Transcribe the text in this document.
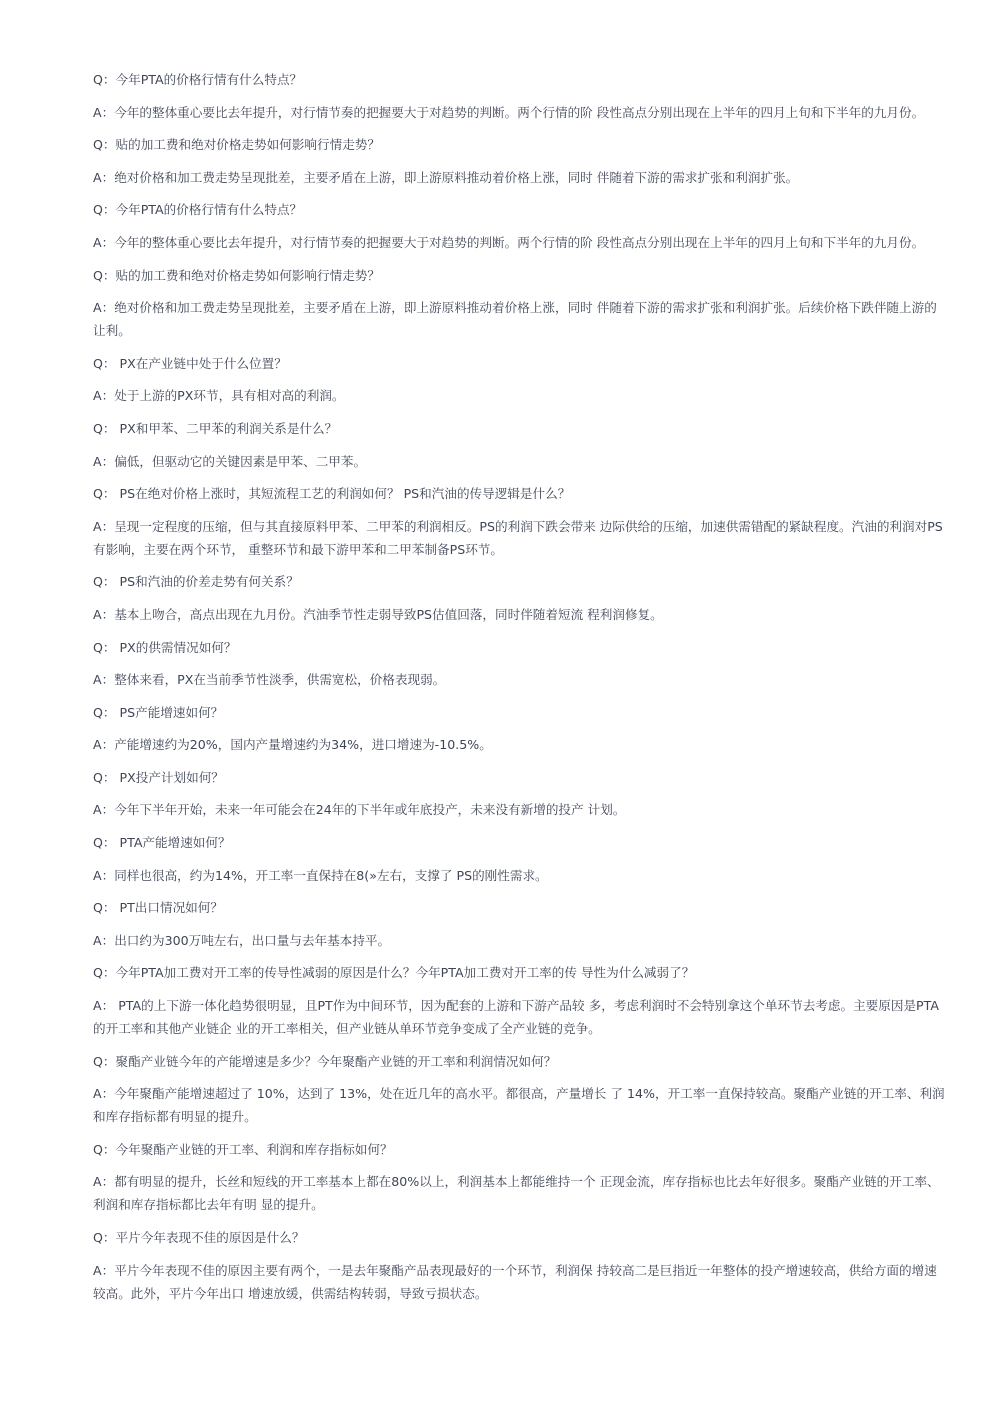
Q：今年PTA的价格行情有什么特点？

A：今年的整体重心要比去年提升，对行情节奏的把握要大于对趋势的判断。两个行情的阶 段性高点分别出现在上半年的四月上旬和下半年的九月份。

Q：贴的加工费和绝对价格走势如何影响行情走势？

A：绝对价格和加工费走势呈现批差，主要矛盾在上游，即上游原料推动着价格上涨，同时 伴随着下游的需求扩张和利润扩张。

Q：今年PTA的价格行情有什么特点？

A：今年的整体重心要比去年提升，对行情节奏的把握要大于对趋势的判断。两个行情的阶 段性高点分别出现在上半年的四月上旬和下半年的九月份。

Q：贴的加工费和绝对价格走势如何影响行情走势？

A：绝对价格和加工费走势呈现批差，主要矛盾在上游，即上游原料推动着价格上涨，同时 伴随着下游的需求扩张和利润扩张。后续价格下跌伴随上游的让利。

Q： PX在产业链中处于什么位置？

A：处于上游的PX环节，具有相对高的利润。

Q： PX和甲苯、二甲苯的利润关系是什么？

A：偏低，但驱动它的关键因素是甲苯、二甲苯。

Q： PS在绝对价格上涨时，其短流程工艺的利润如何？ PS和汽油的传导逻辑是什么？

A：呈现一定程度的压缩，但与其直接原料甲苯、二甲苯的利润相反。PS的利润下跌会带来 边际供给的压缩，加速供需错配的紧缺程度。汽油的利润对PS有影响，主要在两个环节， 重整环节和最下游甲苯和二甲苯制备PS环节。

Q： PS和汽油的价差走势有何关系？

A：基本上吻合，高点出现在九月份。汽油季节性走弱导致PS估值回落，同时伴随着短流 程利润修复。

Q： PX的供需情况如何？

A：整体来看，PX在当前季节性淡季，供需宽松，价格表现弱。

Q： PS产能增速如何？

A：产能增速约为20%，国内产量增速约为34%，进口增速为-10.5%。

Q： PX投产计划如何？

A：今年下半年开始，未来一年可能会在24年的下半年或年底投产，未来没有新增的投产 计划。

Q： PTA产能增速如何？

A：同样也很高，约为14%，开工率一直保持在8(»左右，支撑了 PS的刚性需求。

Q： PT出口情况如何？

A：出口约为300万吨左右，出口量与去年基本持平。

Q：今年PTA加工费对开工率的传导性减弱的原因是什么？今年PTA加工费对开工率的传 导性为什么减弱了？

A： PTA的上下游一体化趋势很明显，且PT作为中间环节，因为配套的上游和下游产品较 多，考虑利润时不会特别拿这个单环节去考虑。主要原因是PTA的开工率和其他产业链企 业的开工率相关，但产业链从单环节竞争变成了全产业链的竞争。

Q：聚酯产业链今年的产能增速是多少？今年聚酯产业链的开工率和利润情况如何？

A：今年聚酯产能增速超过了 10%，达到了 13%，处在近几年的高水平。都很高，产量增长 了 14%，开工率一直保持较高。聚酯产业链的开工率、利润和库存指标都有明显的提升。

Q：今年聚酯产业链的开工率、利润和库存指标如何？

A：都有明显的提升，长丝和短线的开工率基本上都在80%以上，利润基本上都能维持一个 正现金流，库存指标也比去年好很多。聚酯产业链的开工率、利润和库存指标都比去年有明 显的提升。

Q：平片今年表现不佳的原因是什么？

A：平片今年表现不佳的原因主要有两个，一是去年聚酯产品表现最好的一个环节，利润保 持较高二是巨指近一年整体的投产增速较高，供给方面的增速较高。此外，平片今年出口 增速放缓，供需结构转弱，导致亏损状态。
